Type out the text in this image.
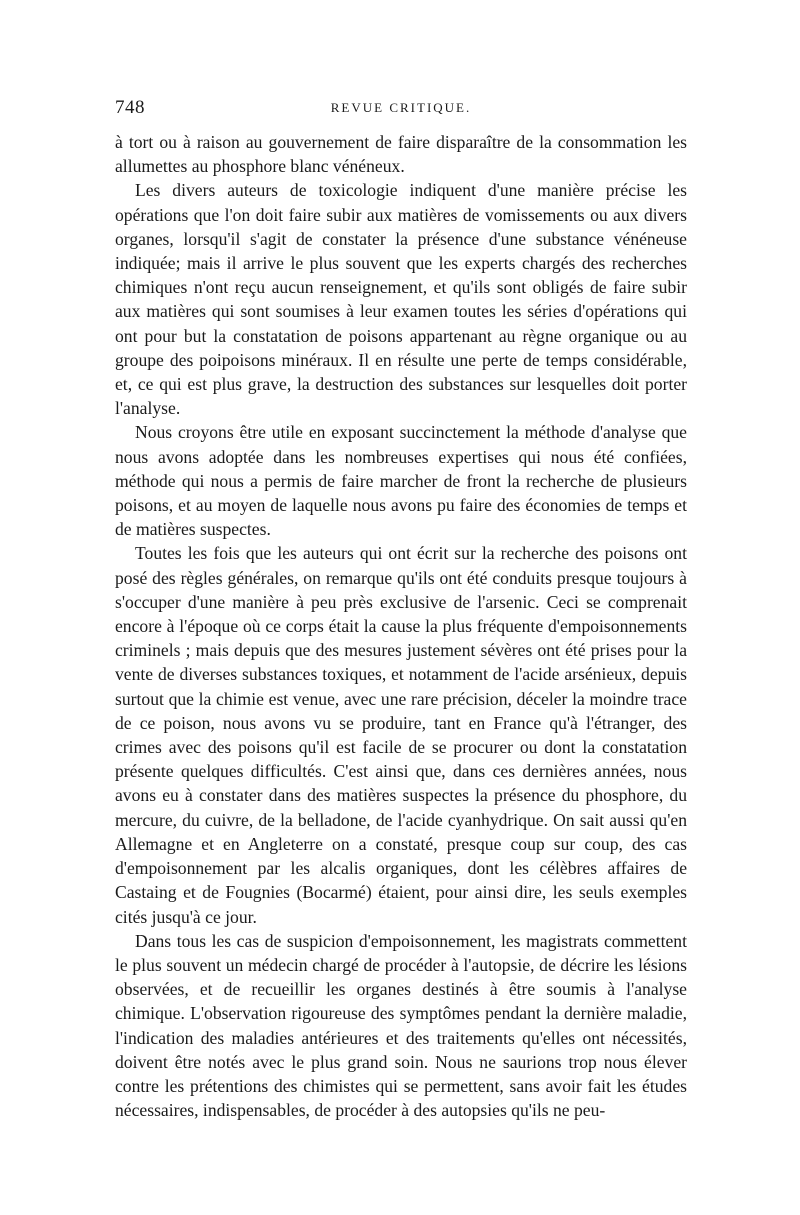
748	REVUE CRITIQUE.

à tort ou à raison au gouvernement de faire disparaître de la consommation les allumettes au phosphore blanc vénéneux.

Les divers auteurs de toxicologie indiquent d'une manière précise les opérations que l'on doit faire subir aux matières de vomissements ou aux divers organes, lorsqu'il s'agit de constater la présence d'une substance vénéneuse indiquée; mais il arrive le plus souvent que les experts chargés des recherches chimiques n'ont reçu aucun renseignement, et qu'ils sont obligés de faire subir aux matières qui sont soumises à leur examen toutes les séries d'opérations qui ont pour but la constatation de poisons appartenant au règne organique ou au groupe des poipoisons minéraux. Il en résulte une perte de temps considérable, et, ce qui est plus grave, la destruction des substances sur lesquelles doit porter l'analyse.

Nous croyons être utile en exposant succinctement la méthode d'analyse que nous avons adoptée dans les nombreuses expertises qui nous été confiées, méthode qui nous a permis de faire marcher de front la recherche de plusieurs poisons, et au moyen de laquelle nous avons pu faire des économies de temps et de matières suspectes.

Toutes les fois que les auteurs qui ont écrit sur la recherche des poisons ont posé des règles générales, on remarque qu'ils ont été conduits presque toujours à s'occuper d'une manière à peu près exclusive de l'arsenic. Ceci se comprenait encore à l'époque où ce corps était la cause la plus fréquente d'empoisonnements criminels ; mais depuis que des mesures justement sévères ont été prises pour la vente de diverses substances toxiques, et notamment de l'acide arsénieux, depuis surtout que la chimie est venue, avec une rare précision, déceler la moindre trace de ce poison, nous avons vu se produire, tant en France qu'à l'étranger, des crimes avec des poisons qu'il est facile de se procurer ou dont la constatation présente quelques difficultés. C'est ainsi que, dans ces dernières années, nous avons eu à constater dans des matières suspectes la présence du phosphore, du mercure, du cuivre, de la belladone, de l'acide cyanhydrique. On sait aussi qu'en Allemagne et en Angleterre on a constaté, presque coup sur coup, des cas d'empoisonnement par les alcalis organiques, dont les célèbres affaires de Castaing et de Fougnies (Bocarmé) étaient, pour ainsi dire, les seuls exemples cités jusqu'à ce jour.

Dans tous les cas de suspicion d'empoisonnement, les magistrats commettent le plus souvent un médecin chargé de procéder à l'autopsie, de décrire les lésions observées, et de recueillir les organes destinés à être soumis à l'analyse chimique. L'observation rigoureuse des symptômes pendant la dernière maladie, l'indication des maladies antérieures et des traitements qu'elles ont nécessités, doivent être notés avec le plus grand soin. Nous ne saurions trop nous élever contre les prétentions des chimistes qui se permettent, sans avoir fait les études nécessaires, indispensables, de procéder à des autopsies qu'ils ne peu-
